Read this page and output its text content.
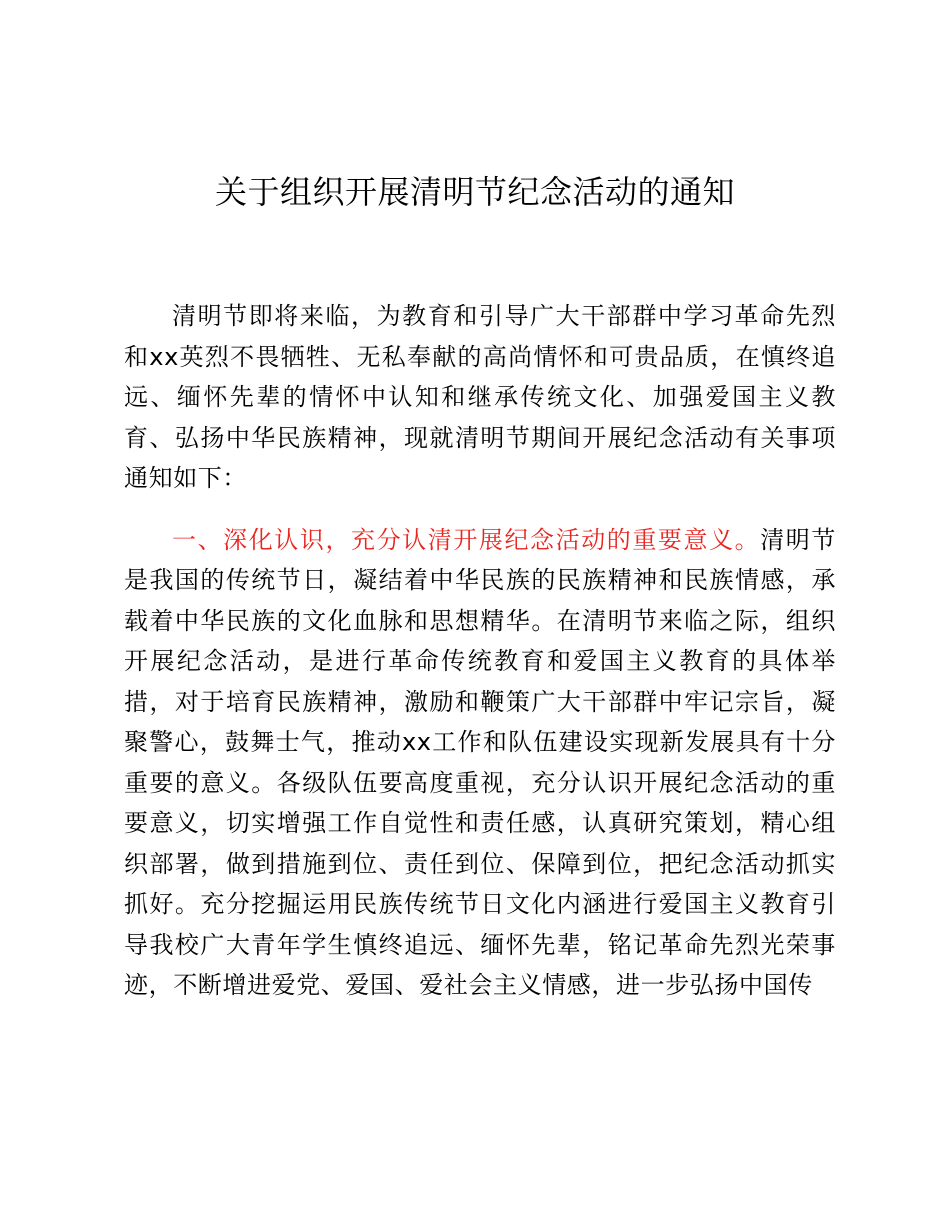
关于组织开展清明节纪念活动的通知

清明节即将来临，为教育和引导广大干部群中学习革命先烈和xx英烈不畏牺牲、无私奉献的高尚情怀和可贵品质，在慎终追远、缅怀先辈的情怀中认知和继承传统文化、加强爱国主义教育、弘扬中华民族精神，现就清明节期间开展纪念活动有关事项通知如下：

一、深化认识，充分认清开展纪念活动的重要意义。清明节是我国的传统节日，凝结着中华民族的民族精神和民族情感，承载着中华民族的文化血脉和思想精华。在清明节来临之际，组织开展纪念活动，是进行革命传统教育和爱国主义教育的具体举措，对于培育民族精神，激励和鞭策广大干部群中牢记宗旨，凝聚警心，鼓舞士气，推动xx工作和队伍建设实现新发展具有十分重要的意义。各级队伍要高度重视，充分认识开展纪念活动的重要意义，切实增强工作自觉性和责任感，认真研究策划，精心组织部署，做到措施到位、责任到位、保障到位，把纪念活动抓实抓好。充分挖掘运用民族传统节日文化内涵进行爱国主义教育引导我校广大青年学生慎终追远、缅怀先辈，铭记革命先烈光荣事迹，不断增进爱党、爱国、爱社会主义情感，进一步弘扬中国传
